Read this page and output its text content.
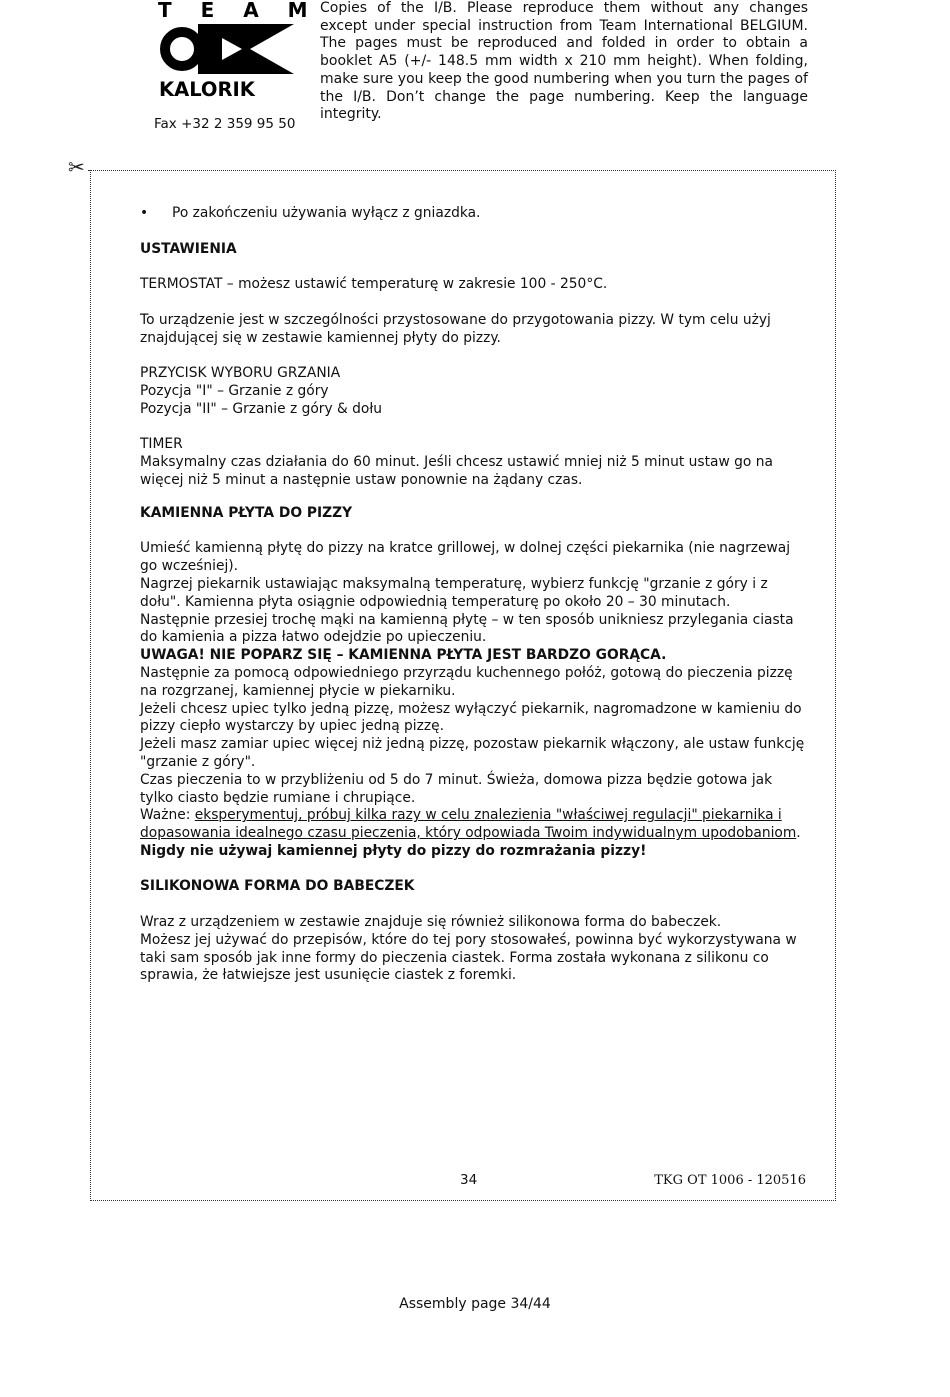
T E A M
KALORIK
Fax +32 2 359 95 50
Copies of the I/B. Please reproduce them without any changes except under special instruction from Team International BELGIUM. The pages must be reproduced and folded in order to obtain a booklet A5 (+/- 148.5 mm width x 210 mm height). When folding, make sure you keep the good numbering when you turn the pages of the I/B. Don’t change the page numbering. Keep the language integrity.
✂
•	Po zakończeniu używania wyłącz z gniazdka.

USTAWIENIA

TERMOSTAT – możesz ustawić temperaturę w zakresie 100 - 250°C.

To urządzenie jest w szczególności przystosowane do przygotowania pizzy. W tym celu użyj znajdującej się w zestawie kamiennej płyty do pizzy.

PRZYCISK WYBORU GRZANIA

Pozycja "I" – Grzanie z góry

Pozycja "II" – Grzanie z góry & dołu

TIMER

Maksymalny czas działania do 60 minut. Jeśli chcesz ustawić mniej niż 5 minut ustaw go na więcej niż 5 minut a następnie ustaw ponownie na żądany czas.

KAMIENNA PŁYTA DO PIZZY

Umieść kamienną płytę do pizzy na kratce grillowej, w dolnej części piekarnika (nie nagrzewaj go wcześniej).

Nagrzej piekarnik ustawiając maksymalną temperaturę, wybierz funkcję "grzanie z góry i z dołu". Kamienna płyta osiągnie odpowiednią temperaturę po około 20 – 30 minutach.

Następnie przesiej trochę mąki na kamienną płytę – w ten sposób unikniesz przylegania ciasta do kamienia a pizza łatwo odejdzie po upieczeniu.

UWAGA! NIE POPARZ SIĘ – KAMIENNA PŁYTA JEST BARDZO GORĄCA.

Następnie za pomocą odpowiedniego przyrządu kuchennego połóż, gotową do pieczenia pizzę na rozgrzanej, kamiennej płycie w piekarniku.

Jeżeli chcesz upiec tylko jedną pizzę, możesz wyłączyć piekarnik, nagromadzone w kamieniu do pizzy ciepło wystarczy by upiec jedną pizzę.

Jeżeli masz zamiar upiec więcej niż jedną pizzę, pozostaw piekarnik włączony, ale ustaw funkcję "grzanie z góry".

Czas pieczenia to w przybliżeniu od 5 do 7 minut. Świeża, domowa pizza będzie gotowa jak tylko ciasto będzie rumiane i chrupiące.

Ważne: eksperymentuj, próbuj kilka razy w celu znalezienia "właściwej regulacji" piekarnika i dopasowania idealnego czasu pieczenia, który odpowiada Twoim indywidualnym upodobaniom.

Nigdy nie używaj kamiennej płyty do pizzy do rozmrażania pizzy!

SILIKONOWA FORMA DO BABECZEK

Wraz z urządzeniem w zestawie znajduje się również silikonowa forma do babeczek.

Możesz jej używać do przepisów, które do tej pory stosowałeś, powinna być wykorzystywana w taki sam sposób jak inne formy do pieczenia ciastek. Forma została wykonana z silikonu co sprawia, że łatwiejsze jest usunięcie ciastek z foremki.

34	TKG OT 1006 - 120516
Assembly page 34/44
